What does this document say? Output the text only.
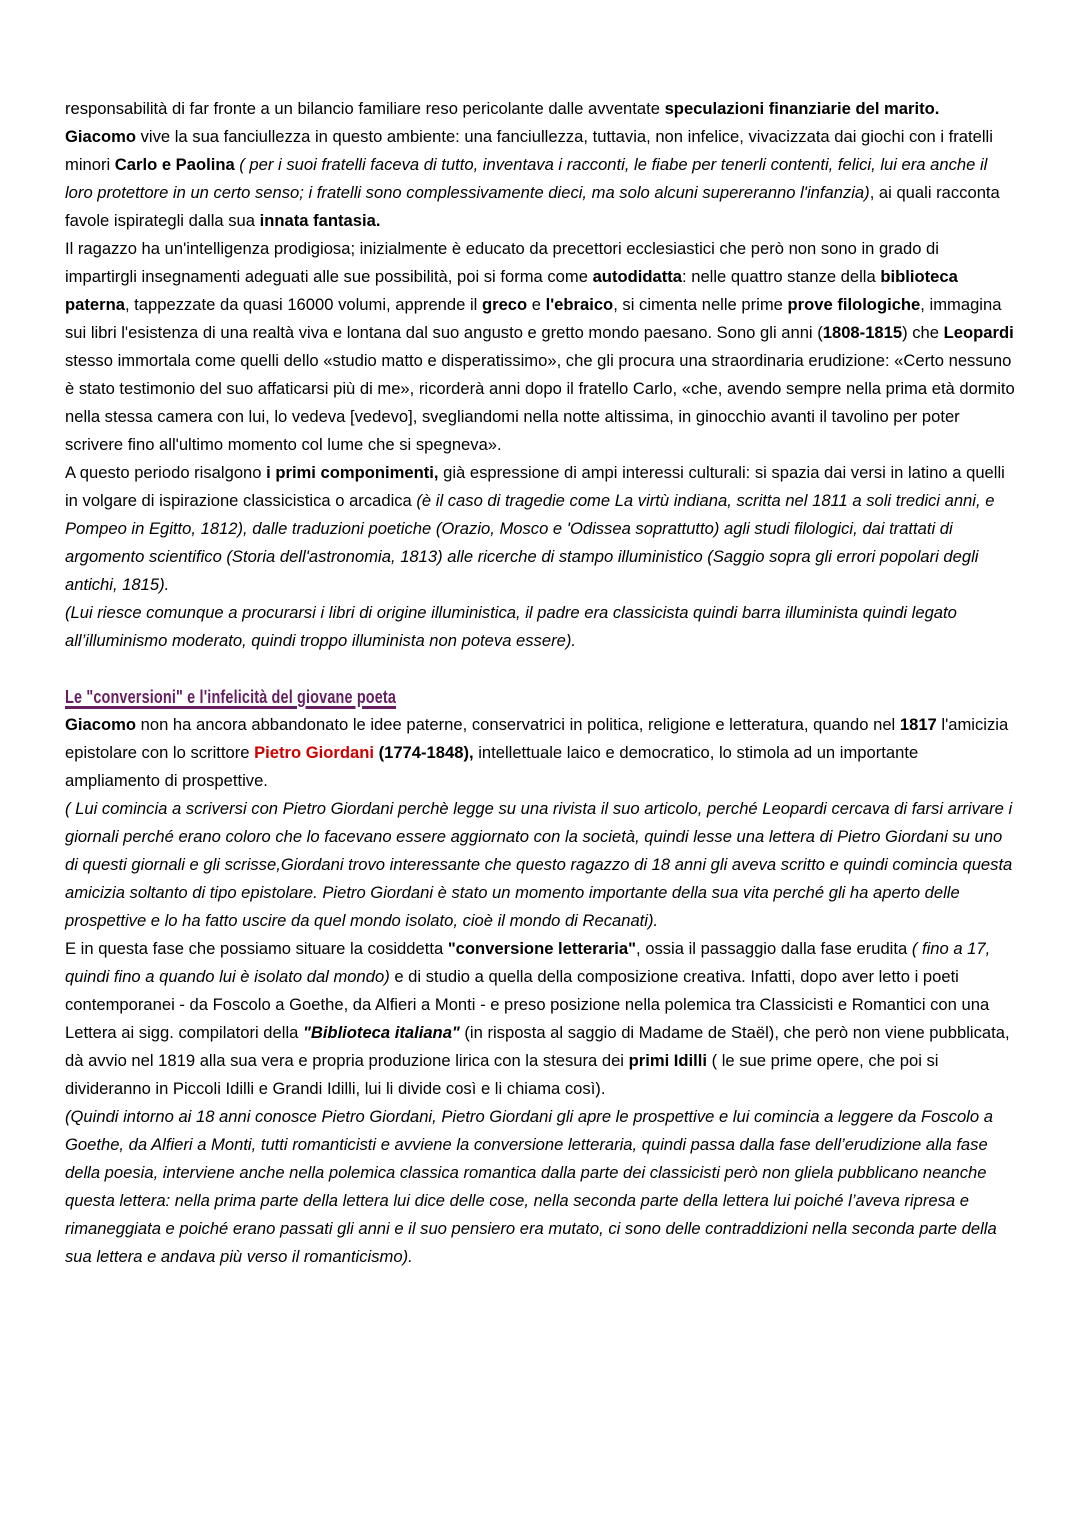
responsabilità di far fronte a un bilancio familiare reso pericolante dalle avventate speculazioni finanziarie del marito.

Giacomo vive la sua fanciullezza in questo ambiente: una fanciullezza, tuttavia, non infelice, vivacizzata dai giochi con i fratelli minori Carlo e Paolina ( per i suoi fratelli faceva di tutto, inventava i racconti, le fiabe per tenerli contenti, felici, lui era anche il loro protettore in un certo senso; i fratelli sono complessivamente dieci, ma solo alcuni supereranno l'infanzia), ai quali racconta favole ispirategli dalla sua innata fantasia.

Il ragazzo ha un'intelligenza prodigiosa; inizialmente è educato da precettori ecclesiastici che però non sono in grado di impartirgli insegnamenti adeguati alle sue possibilità, poi si forma come autodidatta: nelle quattro stanze della biblioteca paterna, tappezzate da quasi 16000 volumi, apprende il greco e l'ebraico, si cimenta nelle prime prove filologiche, immagina sui libri l'esistenza di una realtà viva e lontana dal suo angusto e gretto mondo paesano. Sono gli anni (1808-1815) che Leopardi stesso immortala come quelli dello «studio matto e disperatissimo», che gli procura una straordinaria erudizione: «Certo nessuno è stato testimonio del suo affaticarsi più di me», ricorderà anni dopo il fratello Carlo, «che, avendo sempre nella prima età dormito nella stessa camera con lui, lo vedeva [vedevo], svegliandomi nella notte altissima, in ginocchio avanti il tavolino per poter scrivere fino all'ultimo momento col lume che si spegneva».

A questo periodo risalgono i primi componimenti, già espressione di ampi interessi culturali: si spazia dai versi in latino a quelli in volgare di ispirazione classicistica o arcadica (è il caso di tragedie come La virtù indiana, scritta nel 1811 a soli tredici anni, e Pompeo in Egitto, 1812), dalle traduzioni poetiche (Orazio, Mosco e 'Odissea soprattutto) agli studi filologici, dai trattati di argomento scientifico (Storia dell'astronomia, 1813) alle ricerche di stampo illuministico (Saggio sopra gli errori popolari degli antichi, 1815).

(Lui riesce comunque a procurarsi i libri di origine illuministica, il padre era classicista quindi barra illuminista quindi legato all’illuminismo moderato, quindi troppo illuminista non poteva essere).

Le "conversioni" e l'infelicità del giovane poeta

Giacomo non ha ancora abbandonato le idee paterne, conservatrici in politica, religione e letteratura, quando nel 1817 l'amicizia epistolare con lo scrittore Pietro Giordani (1774-1848), intellettuale laico e democratico, lo stimola ad un importante ampliamento di prospettive.

( Lui comincia a scriversi con Pietro Giordani perchè legge su una rivista il suo articolo, perché Leopardi cercava di farsi arrivare i giornali perché erano coloro che lo facevano essere aggiornato con la società, quindi lesse una lettera di Pietro Giordani su uno di questi giornali e gli scrisse,Giordani trovo interessante che questo ragazzo di 18 anni gli aveva scritto e quindi comincia questa amicizia soltanto di tipo epistolare. Pietro Giordani è stato un momento importante della sua vita perché gli ha aperto delle prospettive e lo ha fatto uscire da quel mondo isolato, cioè il mondo di Recanati).

E in questa fase che possiamo situare la cosiddetta "conversione letteraria", ossia il passaggio dalla fase erudita ( fino a 17, quindi fino a quando lui è isolato dal mondo) e di studio a quella della composizione creativa. Infatti, dopo aver letto i poeti contemporanei - da Foscolo a Goethe, da Alfieri a Monti - e preso posizione nella polemica tra Classicisti e Romantici con una Lettera ai sigg. compilatori della "Biblioteca italiana" (in risposta al saggio di Madame de Staël), che però non viene pubblicata, dà avvio nel 1819 alla sua vera e propria produzione lirica con la stesura dei primi Idilli ( le sue prime opere, che poi si divideranno in Piccoli Idilli e Grandi Idilli, lui li divide così e li chiama così).

(Quindi intorno ai 18 anni conosce Pietro Giordani, Pietro Giordani gli apre le prospettive e lui comincia a leggere da Foscolo a Goethe, da Alfieri a Monti, tutti romanticisti e avviene la conversione letteraria, quindi passa dalla fase dell’erudizione alla fase della poesia, interviene anche nella polemica classica romantica dalla parte dei classicisti però non gliela pubblicano neanche questa lettera: nella prima parte della lettera lui dice delle cose, nella seconda parte della lettera lui poiché l’aveva ripresa e rimaneggiata e poiché erano passati gli anni e il suo pensiero era mutato, ci sono delle contraddizioni nella seconda parte della sua lettera e andava più verso il romanticismo).
